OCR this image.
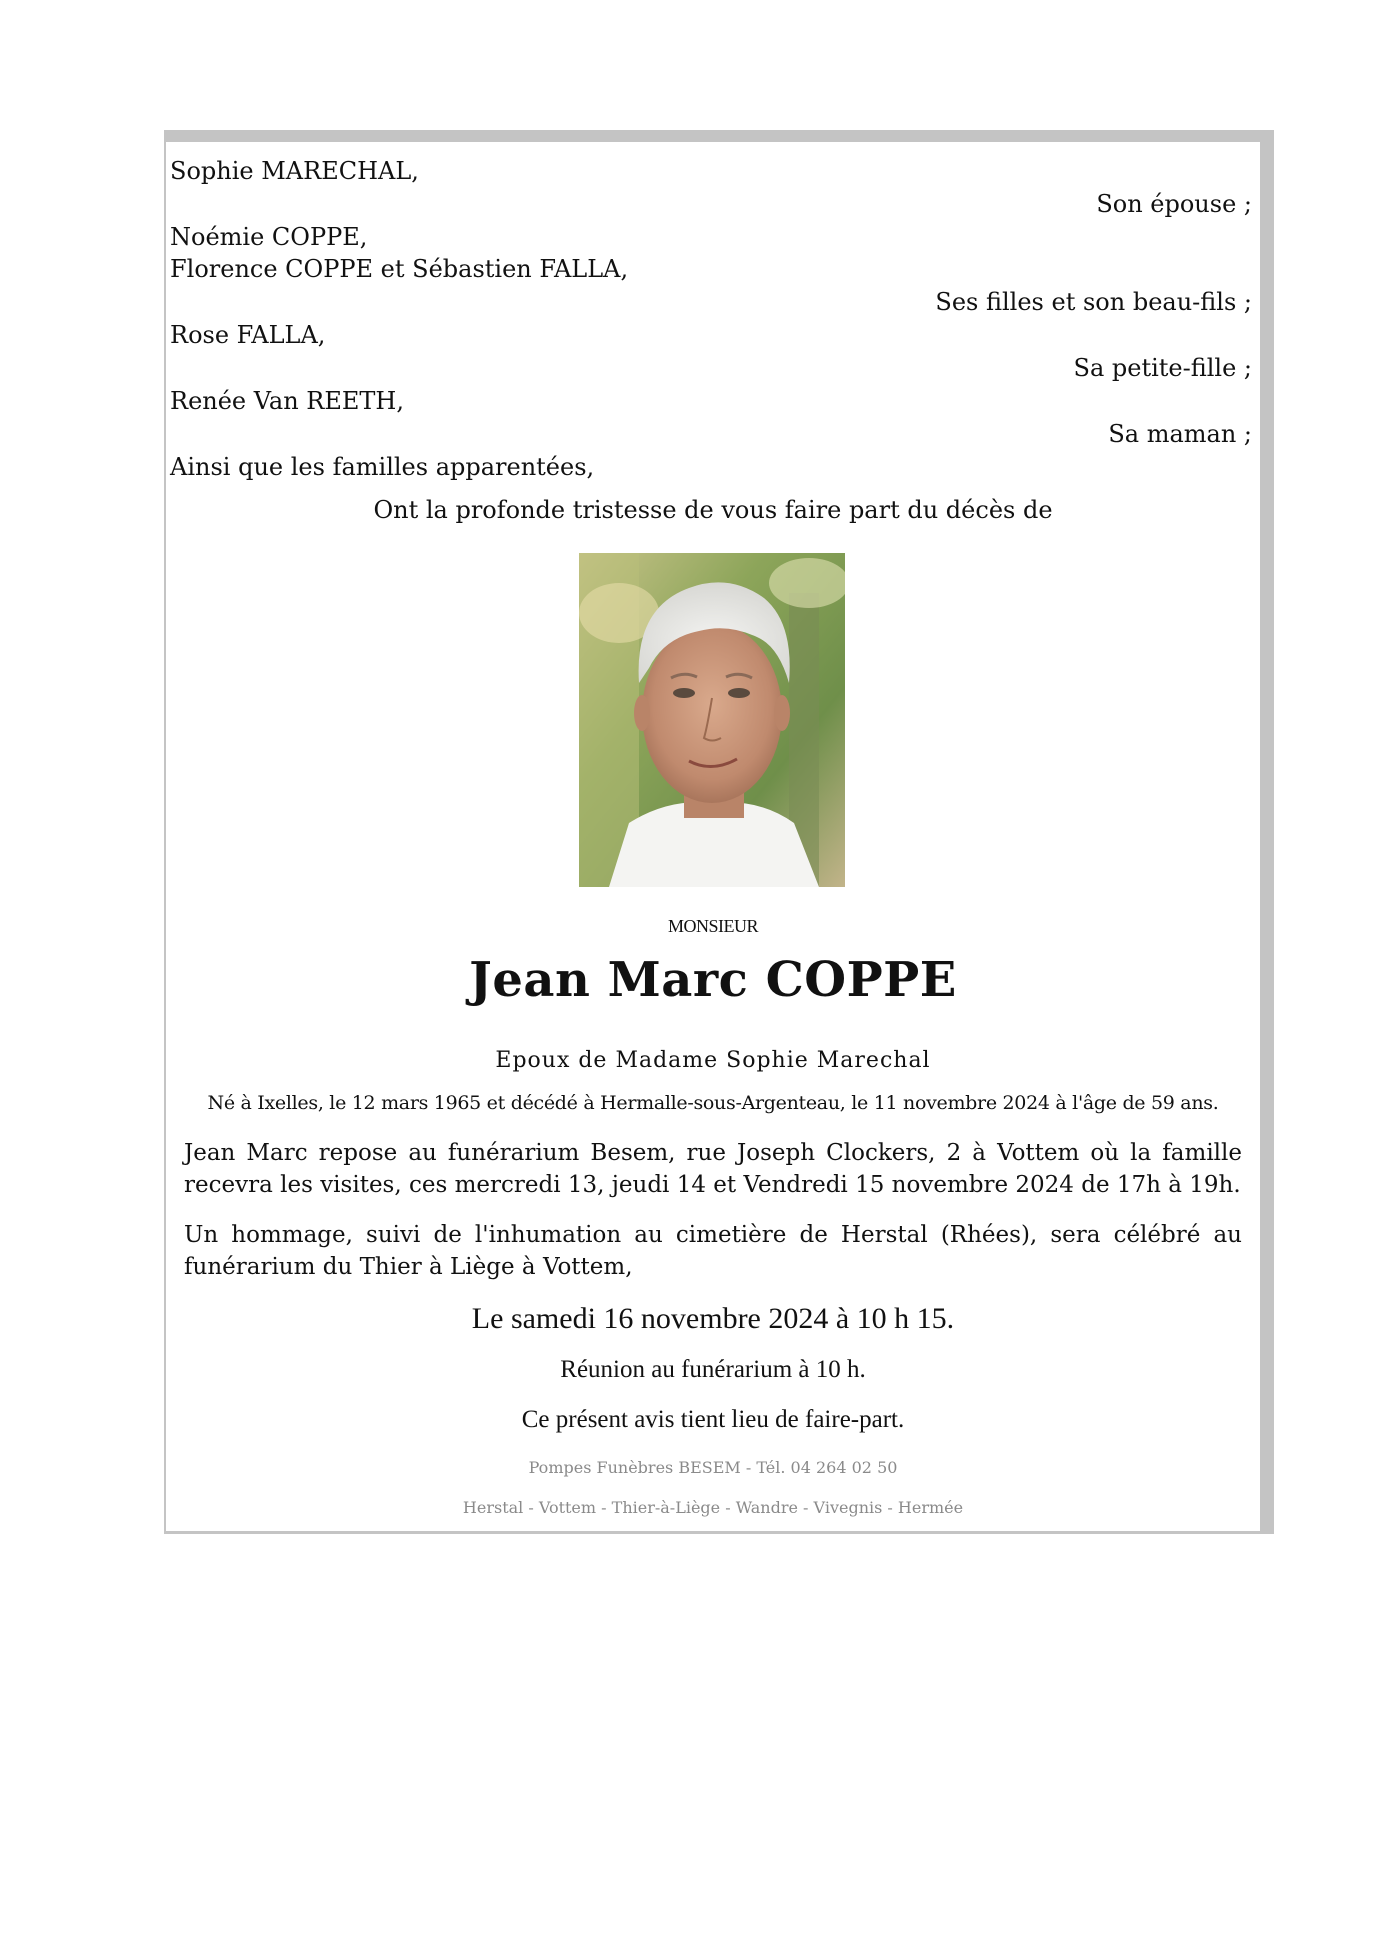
Sophie MARECHAL,
Son épouse ;
Noémie COPPE,
Florence COPPE et Sébastien FALLA,
Ses filles et son beau-fils ;
Rose FALLA,
Sa petite-fille ;
Renée Van REETH,
Sa maman ;
Ainsi que les familles apparentées,
Ont la profonde tristesse de vous faire part du décès de
MONSIEUR
Jean Marc COPPE
Epoux de Madame Sophie Marechal
Né à Ixelles, le 12 mars 1965 et décédé à Hermalle-sous-Argenteau, le 11 novembre 2024 à l'âge de 59 ans.
Jean Marc repose au funérarium Besem, rue Joseph Clockers, 2 à Vottem où la famille recevra les visites, ces mercredi 13, jeudi 14 et Vendredi 15 novembre 2024 de 17h à 19h.
Un hommage, suivi de l'inhumation au cimetière de Herstal (Rhées), sera célébré au funérarium du Thier à Liège à Vottem,
Le samedi 16 novembre 2024 à 10 h 15.
Réunion au funérarium à 10 h.
Ce présent avis tient lieu de faire-part.
Pompes Funèbres BESEM - Tél. 04 264 02 50
Herstal - Vottem - Thier-à-Liège - Wandre - Vivegnis - Hermée
